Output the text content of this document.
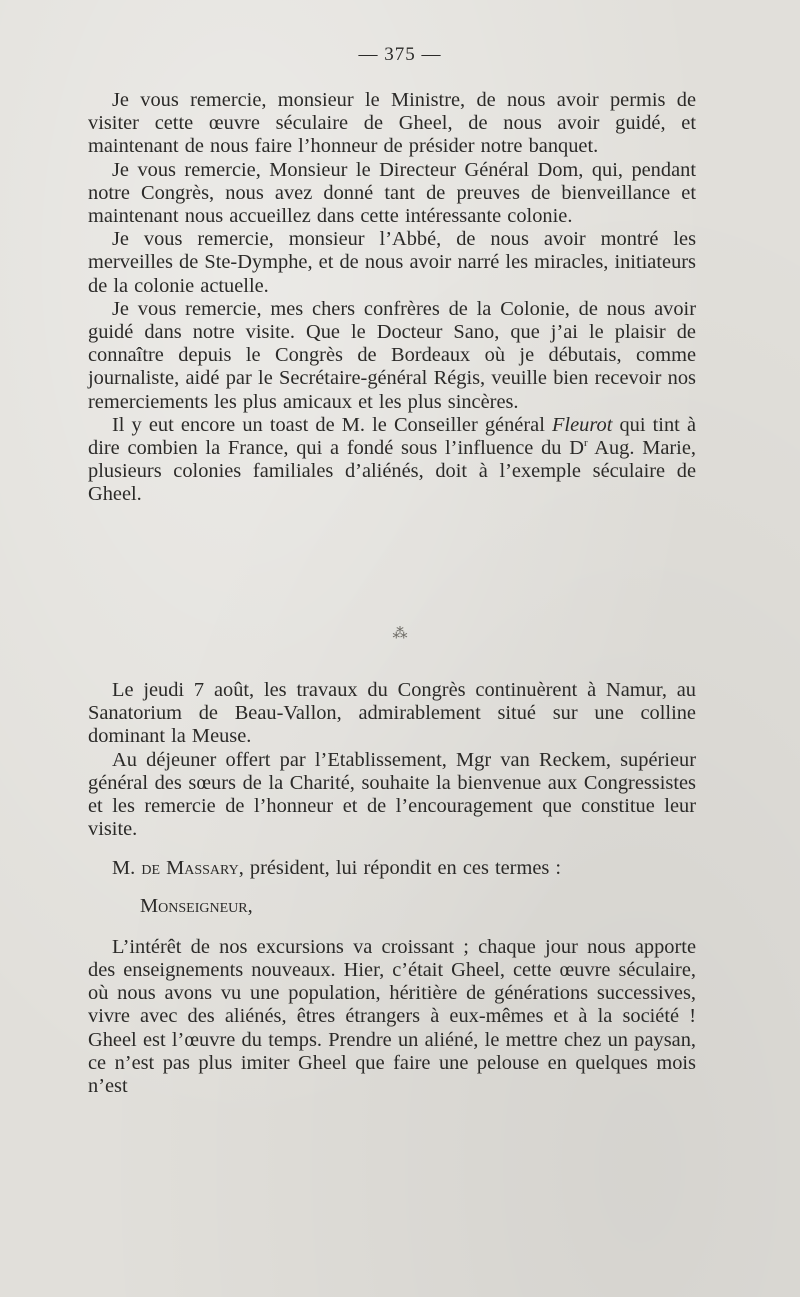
— 375 —

Je vous remercie, monsieur le Ministre, de nous avoir permis de visiter cette œuvre séculaire de Gheel, de nous avoir guidé, et maintenant de nous faire l’honneur de présider notre banquet.

Je vous remercie, Monsieur le Directeur Général Dom, qui, pendant notre Congrès, nous avez donné tant de preuves de bienveillance et maintenant nous accueillez dans cette intéressante colonie.

Je vous remercie, monsieur l’Abbé, de nous avoir montré les merveilles de Ste-Dymphe, et de nous avoir narré les miracles, initiateurs de la colonie actuelle.

Je vous remercie, mes chers confrères de la Colonie, de nous avoir guidé dans notre visite. Que le Docteur Sano, que j’ai le plaisir de connaître depuis le Congrès de Bordeaux où je débutais, comme journaliste, aidé par le Secrétaire-général Régis, veuille bien recevoir nos remerciements les plus amicaux et les plus sincères.

Il y eut encore un toast de M. le Conseiller général Fleurot qui tint à dire combien la France, qui a fondé sous l’influence du $D^r$ Aug. Marie, plusieurs colonies familiales d’aliénés, doit à l’exemple séculaire de Gheel.

⁂

Le jeudi 7 août, les travaux du Congrès continuèrent à Namur, au Sanatorium de Beau-Vallon, admirablement situé sur une colline dominant la Meuse.

Au déjeuner offert par l’Etablissement, Mgr van Reckem, supérieur général des sœurs de la Charité, souhaite la bienvenue aux Congressistes et les remercie de l’honneur et de l’encouragement que constitue leur visite.

M. de Massary, président, lui répondit en ces termes :

Monseigneur,

L’intérêt de nos excursions va croissant ; chaque jour nous apporte des enseignements nouveaux. Hier, c’était Gheel, cette œuvre séculaire, où nous avons vu une population, héritière de générations successives, vivre avec des aliénés, êtres étrangers à eux-mêmes et à la société ! Gheel est l’œuvre du temps. Prendre un aliéné, le mettre chez un paysan, ce n’est pas plus imiter Gheel que faire une pelouse en quelques mois n’est
